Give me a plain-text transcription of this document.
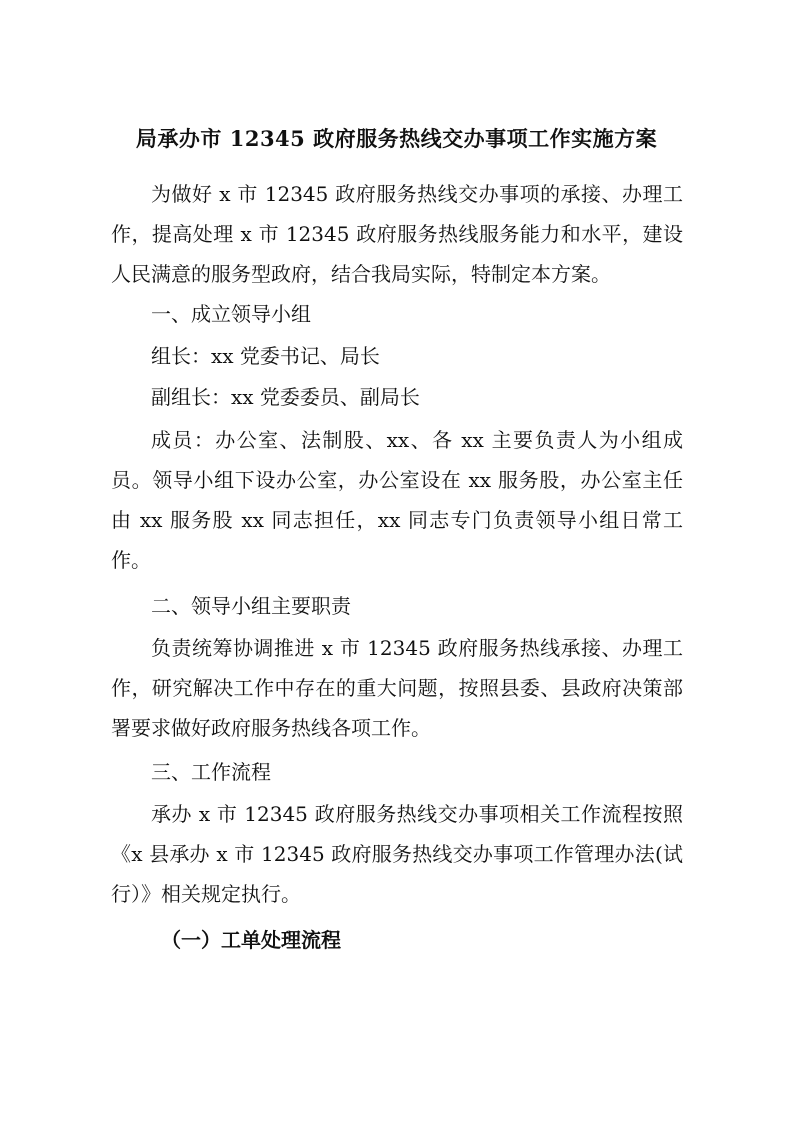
局承办市 12345 政府服务热线交办事项工作实施方案
为做好 x 市 12345 政府服务热线交办事项的承接、办理工作，提高处理 x 市 12345 政府服务热线服务能力和水平，建设人民满意的服务型政府，结合我局实际，特制定本方案。
一、成立领导小组
组长：xx 党委书记、局长
副组长：xx 党委委员、副局长
成员：办公室、法制股、xx、各 xx 主要负责人为小组成员。领导小组下设办公室，办公室设在 xx 服务股，办公室主任由 xx 服务股 xx 同志担任，xx 同志专门负责领导小组日常工作。
二、领导小组主要职责
负责统筹协调推进 x 市 12345 政府服务热线承接、办理工作，研究解决工作中存在的重大问题，按照县委、县政府决策部署要求做好政府服务热线各项工作。
三、工作流程
承办 x 市 12345 政府服务热线交办事项相关工作流程按照《x 县承办 x 市 12345 政府服务热线交办事项工作管理办法(试行）》相关规定执行。
（一）工单处理流程
